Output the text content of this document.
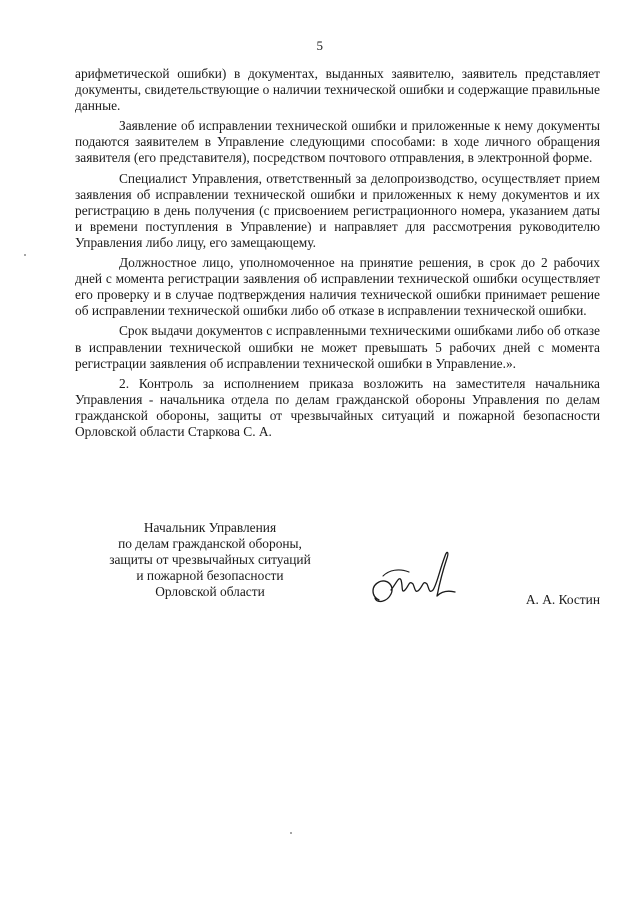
5

арифметической ошибки) в документах, выданных заявителю, заявитель представляет документы, свидетельствующие о наличии технической ошибки и содержащие правильные данные.

Заявление об исправлении технической ошибки и приложенные к нему документы подаются заявителем в Управление следующими способами: в ходе личного обращения заявителя (его представителя), посредством почтового отправления, в электронной форме.

Специалист Управления, ответственный за делопроизводство, осуществляет прием заявления об исправлении технической ошибки и приложенных к нему документов и их регистрацию в день получения (с присвоением регистрационного номера, указанием даты и времени поступления в Управление) и направляет для рассмотрения руководителю Управления либо лицу, его замещающему.

Должностное лицо, уполномоченное на принятие решения, в срок до 2 рабочих дней с момента регистрации заявления об исправлении технической ошибки осуществляет его проверку и в случае подтверждения наличия технической ошибки принимает решение об исправлении технической ошибки либо об отказе в исправлении технической ошибки.

Срок выдачи документов с исправленными техническими ошибками либо об отказе в исправлении технической ошибки не может превышать 5 рабочих дней с момента регистрации заявления об исправлении технической ошибки в Управление.».

2. Контроль за исполнением приказа возложить на заместителя начальника Управления - начальника отдела по делам гражданской обороны Управления по делам гражданской обороны, защиты от чрезвычайных ситуаций и пожарной безопасности Орловской области Старкова С. А.

Начальник Управления
по делам гражданской обороны,
защиты от чрезвычайных ситуаций
и пожарной безопасности
Орловской области
А. А. Костин
